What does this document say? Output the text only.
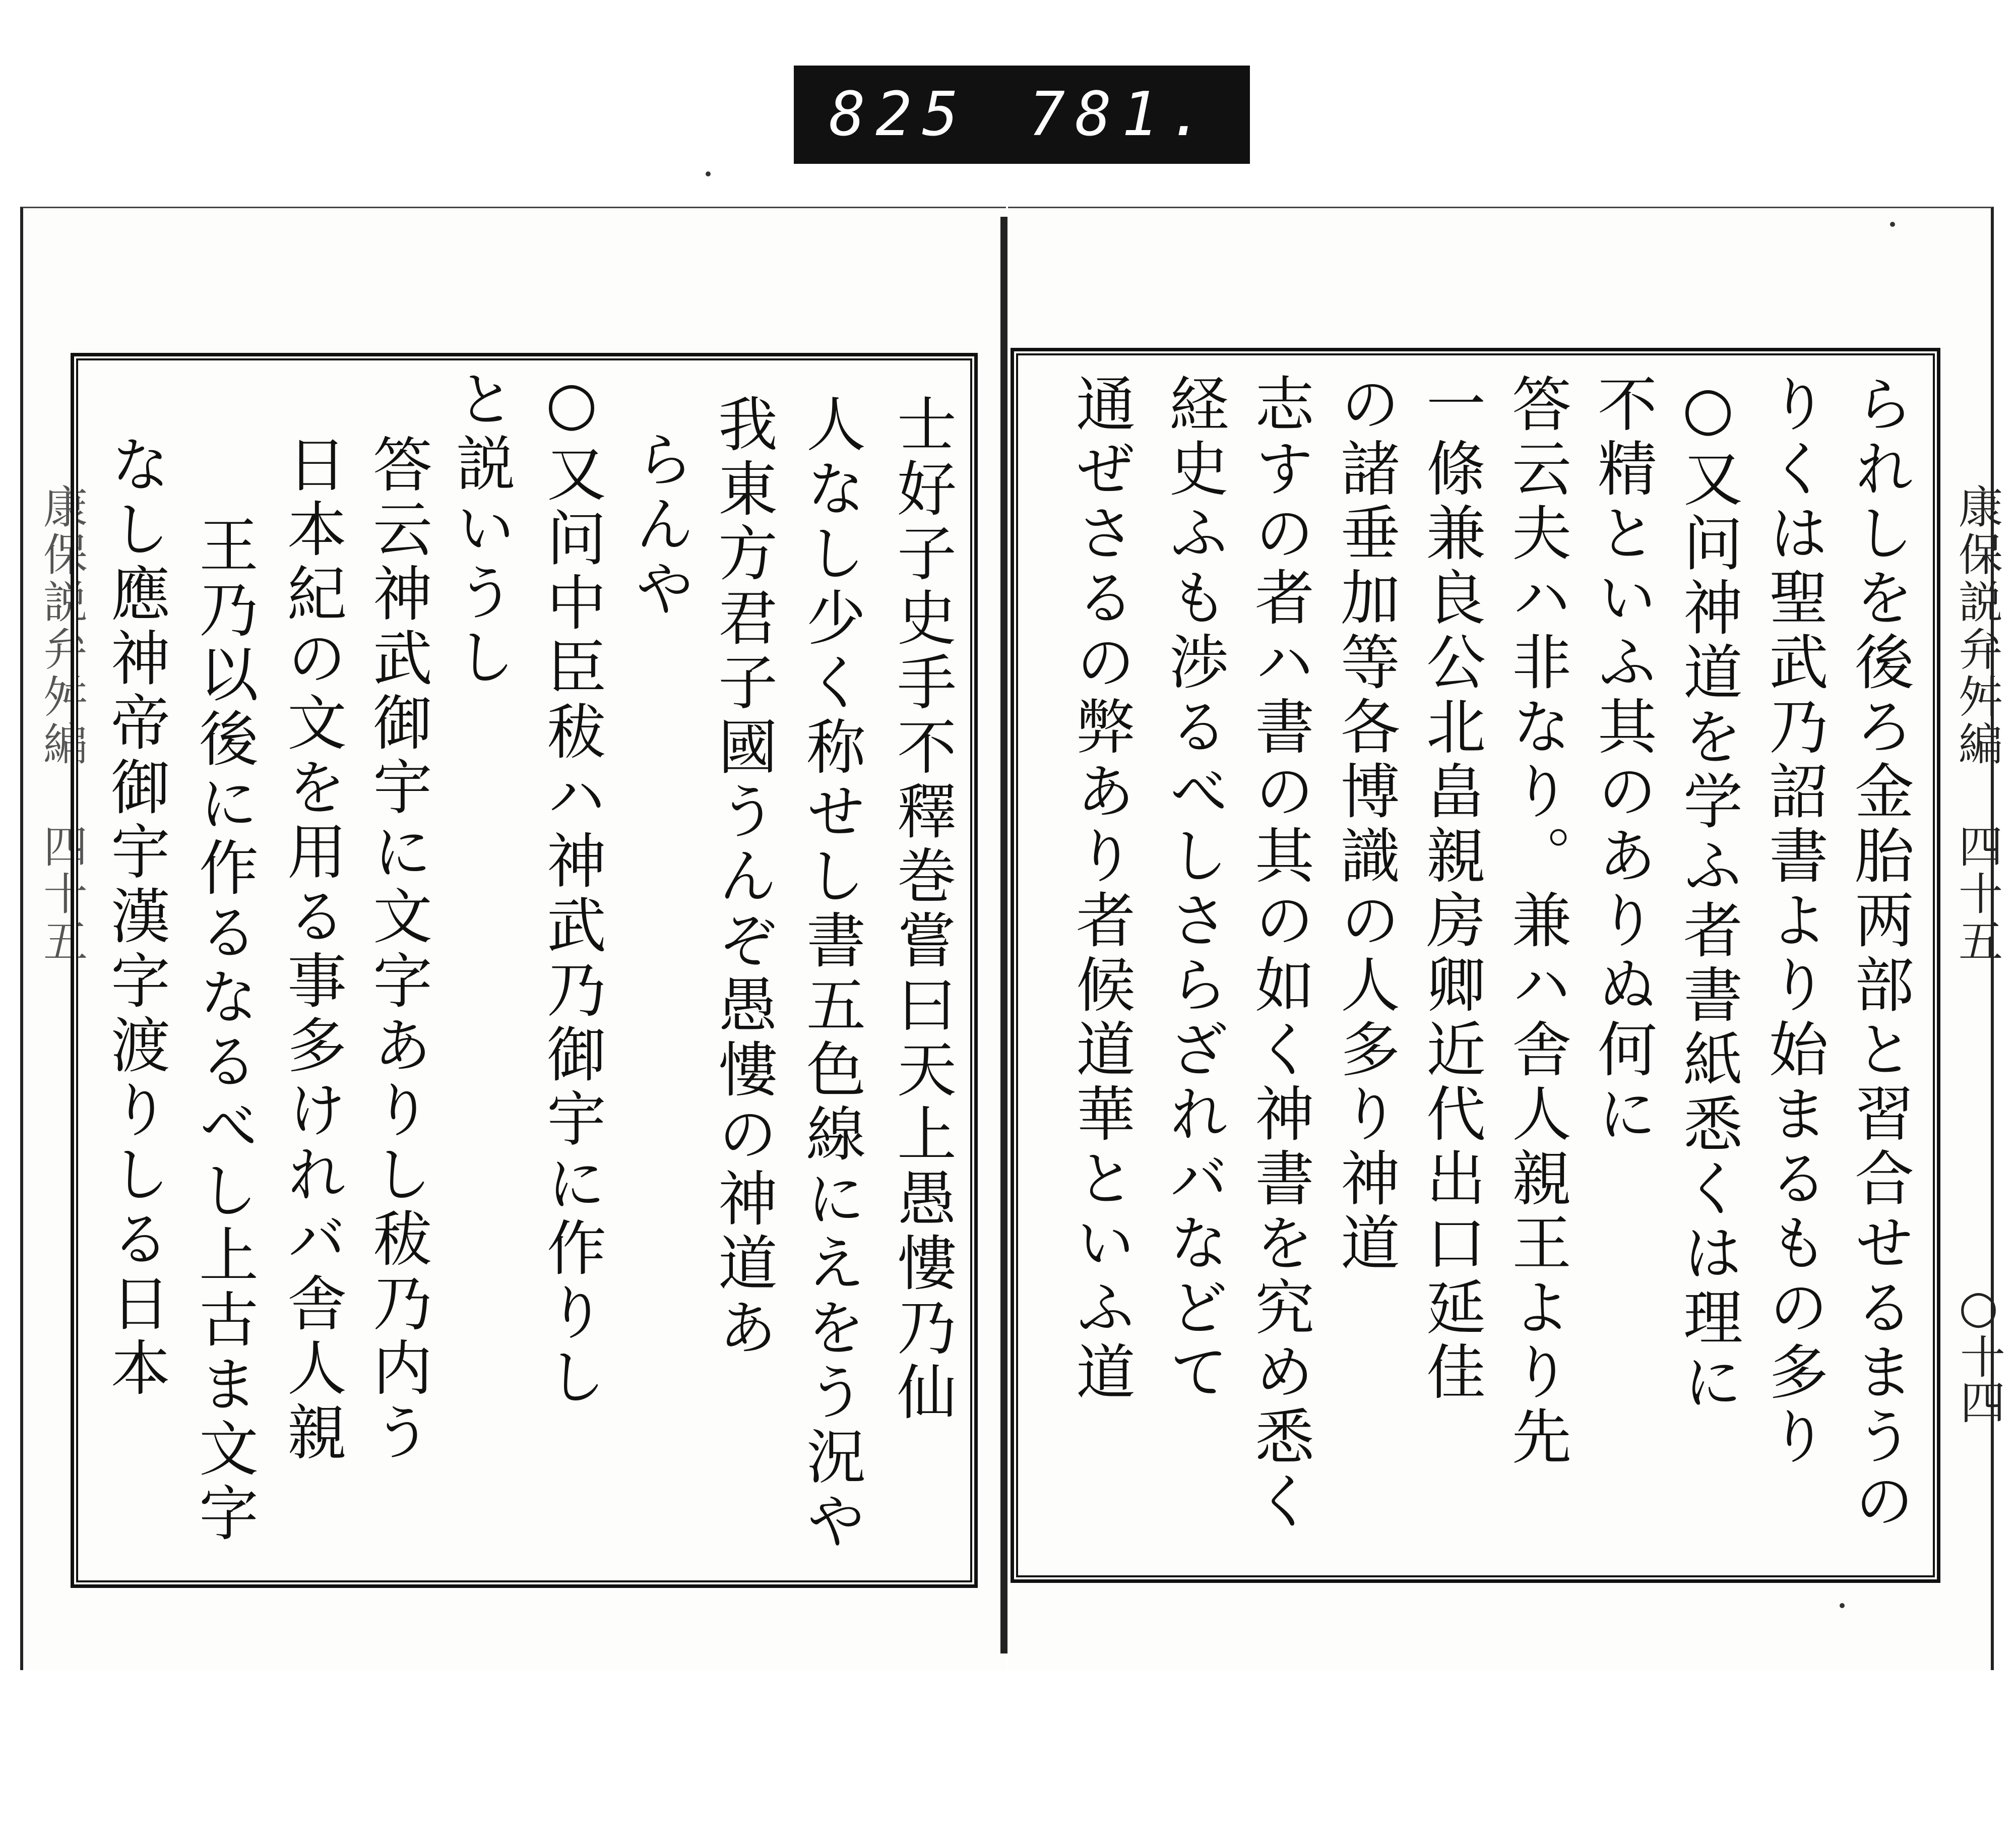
825 781.
康保説弁舛編 四十五	康保説弁舛編 四十五
○十四
られしを後ろ金胎两部と習合せるまうの
りくは聖武乃詔書より始まるもの多り
○又问神道を学ふ者書紙悉くは理に
不精といふ其のありぬ何に
答云夫ハ非なり。兼ハ舎人親王より先
一條兼良公北畠親房卿近代出口延佳
の諸垂加等各博識の人多り神道
志すの者ハ書の其の如く神書を究め悉く
経史ふも渉るべしさらざれバなどて
通ぜさるの弊あり者候道華といふ道
士好子史手不釋巻嘗曰天上愚慺乃仙
人なし少く称せし書五色線にえをう況や
我東方君子國うんぞ愚慺の神道あ
らんや
○又问中臣秡ハ神武乃御宇に作りし
と説いうし
答云神武御宇に文字ありし秡乃内う
日本紀の文を用る事多けれバ舎人親
王乃以後に作るなるべし上古ま文字
なし應神帝御宇漢字渡りしる日本
